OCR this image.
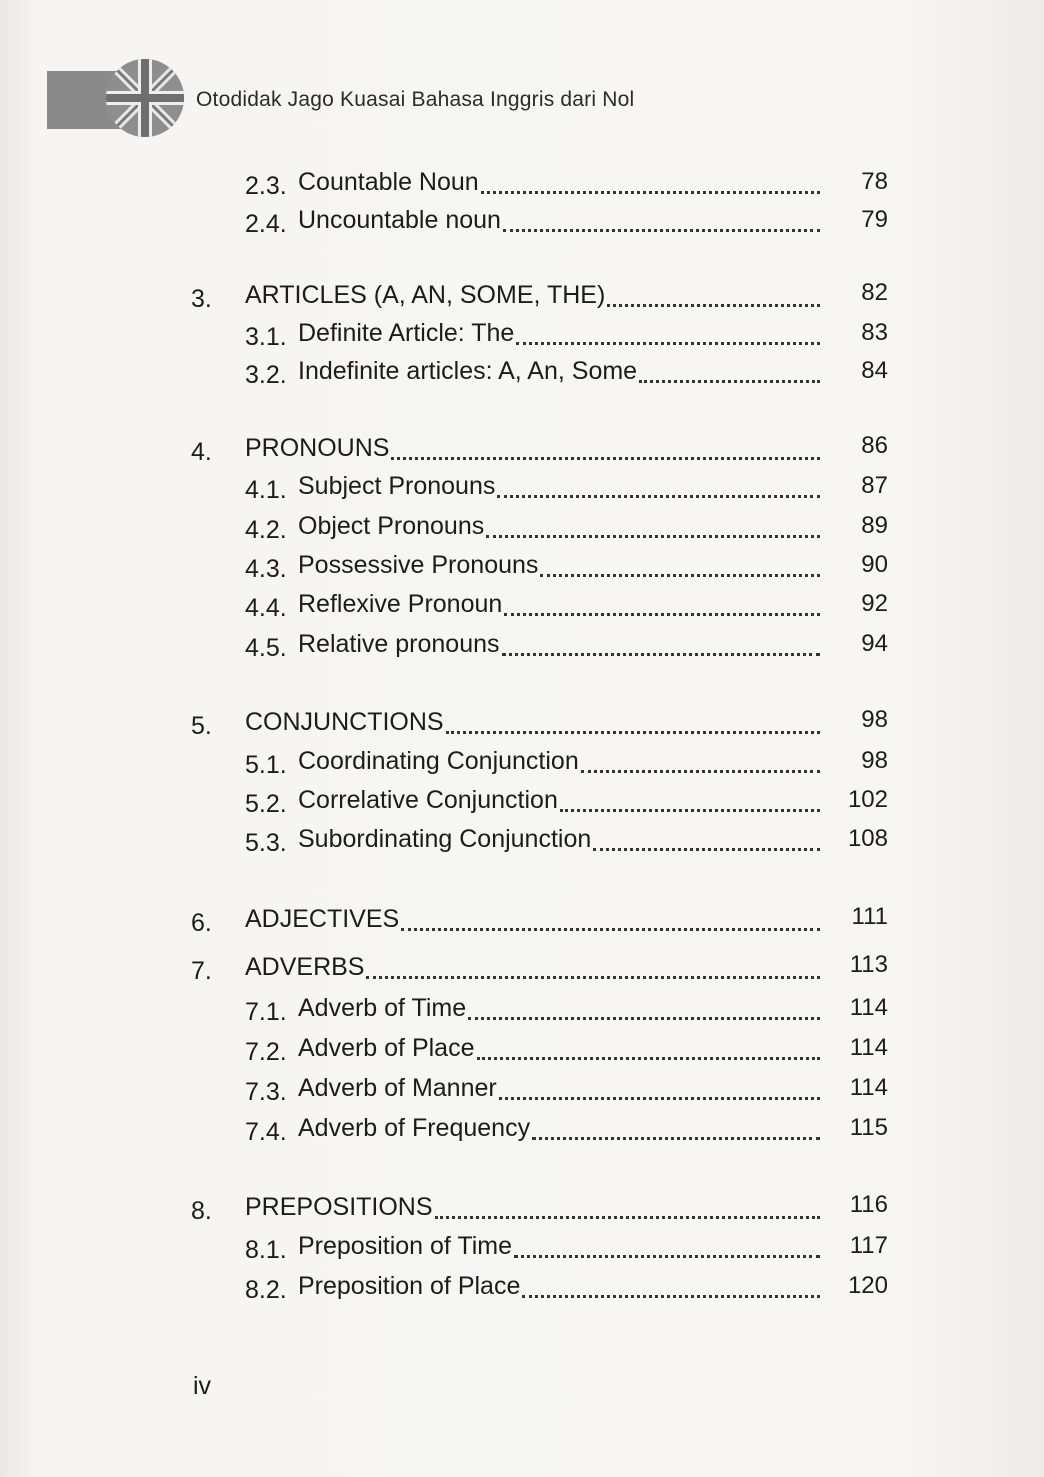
Otodidak Jago Kuasai Bahasa Inggris dari Nol
2.3. Countable Noun	78
2.4. Uncountable noun	79
3. ARTICLES (A, AN, SOME, THE)	82
3.1. Definite Article: The	83
3.2. Indefinite articles: A, An, Some	84
4. PRONOUNS	86
4.1. Subject Pronouns	87
4.2. Object Pronouns	89
4.3. Possessive Pronouns	90
4.4. Reflexive Pronoun	92
4.5. Relative pronouns	94
5. CONJUNCTIONS	98
5.1. Coordinating Conjunction	98
5.2. Correlative Conjunction	102
5.3. Subordinating Conjunction	108
6. ADJECTIVES	111
7. ADVERBS	113
7.1. Adverb of Time	114
7.2. Adverb of Place	114
7.3. Adverb of Manner	114
7.4. Adverb of Frequency	115
8. PREPOSITIONS	116
8.1. Preposition of Time	117
8.2. Preposition of Place	120
iv
